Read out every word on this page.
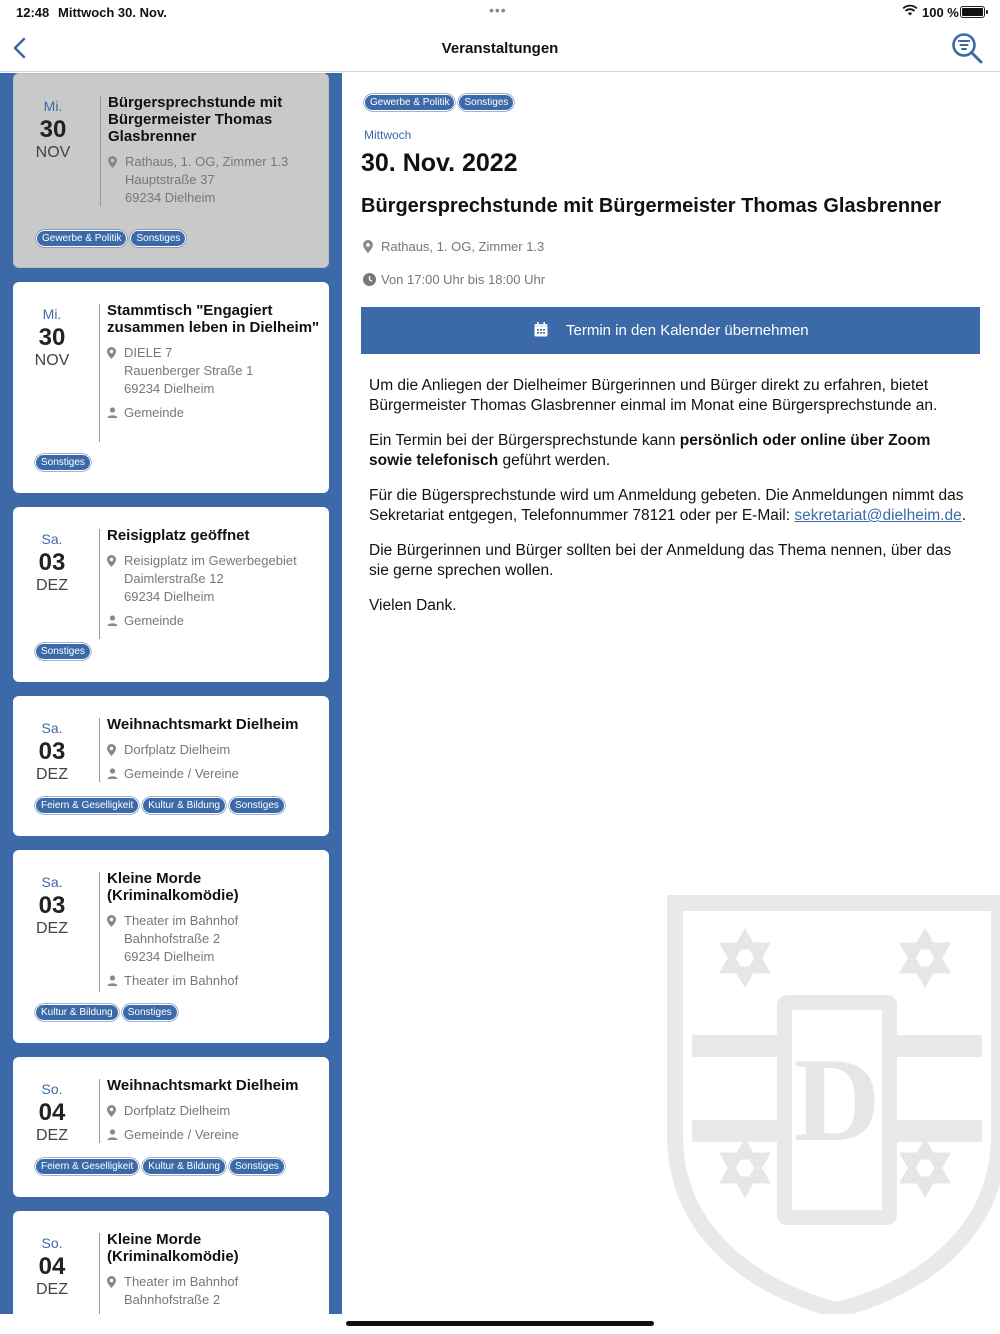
12:48 Mittwoch 30. Nov.	•••	100 %
Veranstaltungen
Mi.
30
NOV
Bürgersprechstunde mit Bürgermeister Thomas Glasbrenner
Rathaus, 1. OG, Zimmer 1.3
Hauptstraße 37
69234 Dielheim
Gewerbe & Politik Sonstiges
Mi.
30
NOV
Stammtisch "Engagiert zusammen leben in Dielheim"
DIELE 7
Rauenberger Straße 1
69234 Dielheim
Gemeinde
Sonstiges
Sa.
03
DEZ
Reisigplatz geöffnet
Reisigplatz im Gewerbegebiet
Daimlerstraße 12
69234 Dielheim
Gemeinde
Sonstiges
Sa.
03
DEZ
Weihnachtsmarkt Dielheim
Dorfplatz Dielheim
Gemeinde / Vereine
Feiern & Geselligkeit Kultur & Bildung Sonstiges
Sa.
03
DEZ
Kleine Morde (Kriminalkomödie)
Theater im Bahnhof
Bahnhofstraße 2
69234 Dielheim
Theater im Bahnhof
Kultur & Bildung Sonstiges
So.
04
DEZ
Weihnachtsmarkt Dielheim
Dorfplatz Dielheim
Gemeinde / Vereine
Feiern & Geselligkeit Kultur & Bildung Sonstiges
So.
04
DEZ
Kleine Morde (Kriminalkomödie)
Theater im Bahnhof
Bahnhofstraße 2
Gewerbe & Politik Sonstiges
Mittwoch
30. Nov. 2022
Bürgersprechstunde mit Bürgermeister Thomas Glasbrenner
Rathaus, 1. OG, Zimmer 1.3
Von 17:00 Uhr bis 18:00 Uhr
Termin in den Kalender übernehmen

Um die Anliegen der Dielheimer Bürgerinnen und Bürger direkt zu erfahren, bietet Bürgermeister Thomas Glasbrenner einmal im Monat eine Bürgersprechstunde an.

Ein Termin bei der Bürgersprechstunde kann persönlich oder online über Zoom sowie telefonisch geführt werden.

Für die Bügersprechstunde wird um Anmeldung gebeten. Die Anmeldungen nimmt das Sekretariat entgegen, Telefonnummer 78121 oder per E-Mail: sekretariat@dielheim.de.

Die Bürgerinnen und Bürger sollten bei der Anmeldung das Thema nennen, über das sie gerne sprechen wollen.

Vielen Dank.

D
